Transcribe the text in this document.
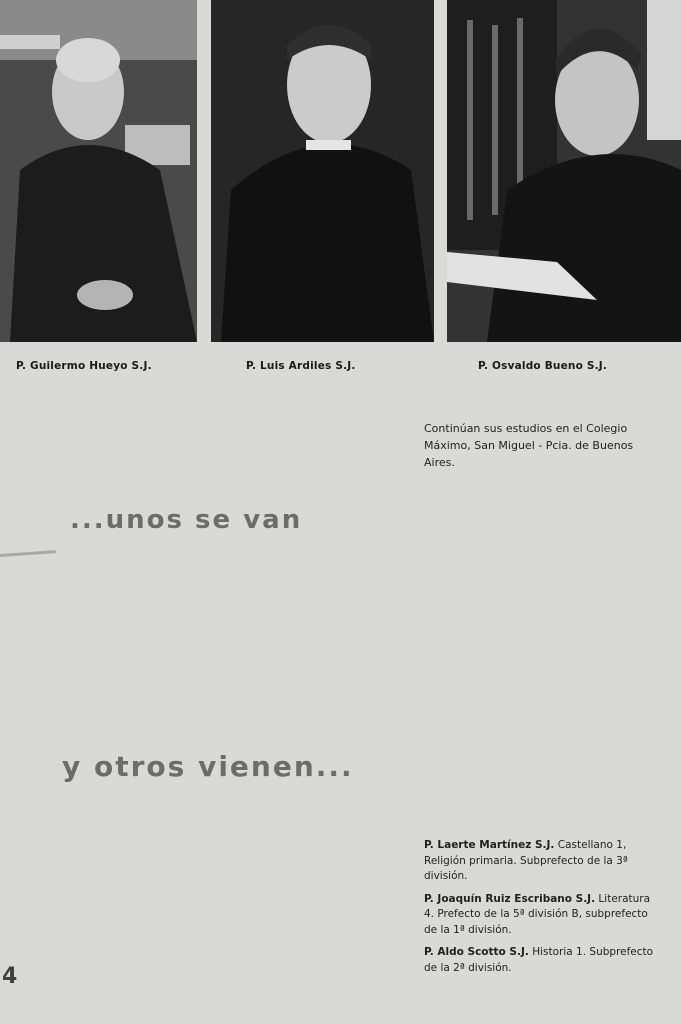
P. Guilermo Hueyo S.J.	P. Luis Ardiles S.J.	P. Osvaldo Bueno S.J.

Continúan sus estudios en el Colegio Máximo, San Miguel - Pcia. de Buenos Aires.

...unos se van
y otros vienen...

P. Laerte Martínez S.J. Castellano 1, Religión primaria. Subprefecto de la 3ª división.

P. Joaquín Ruiz Escribano S.J. Literatura 4. Prefecto de la 5ª división B, subprefecto de la 1ª división.

P. Aldo Scotto S.J. Historia 1. Subprefecto de la 2ª división.

4
